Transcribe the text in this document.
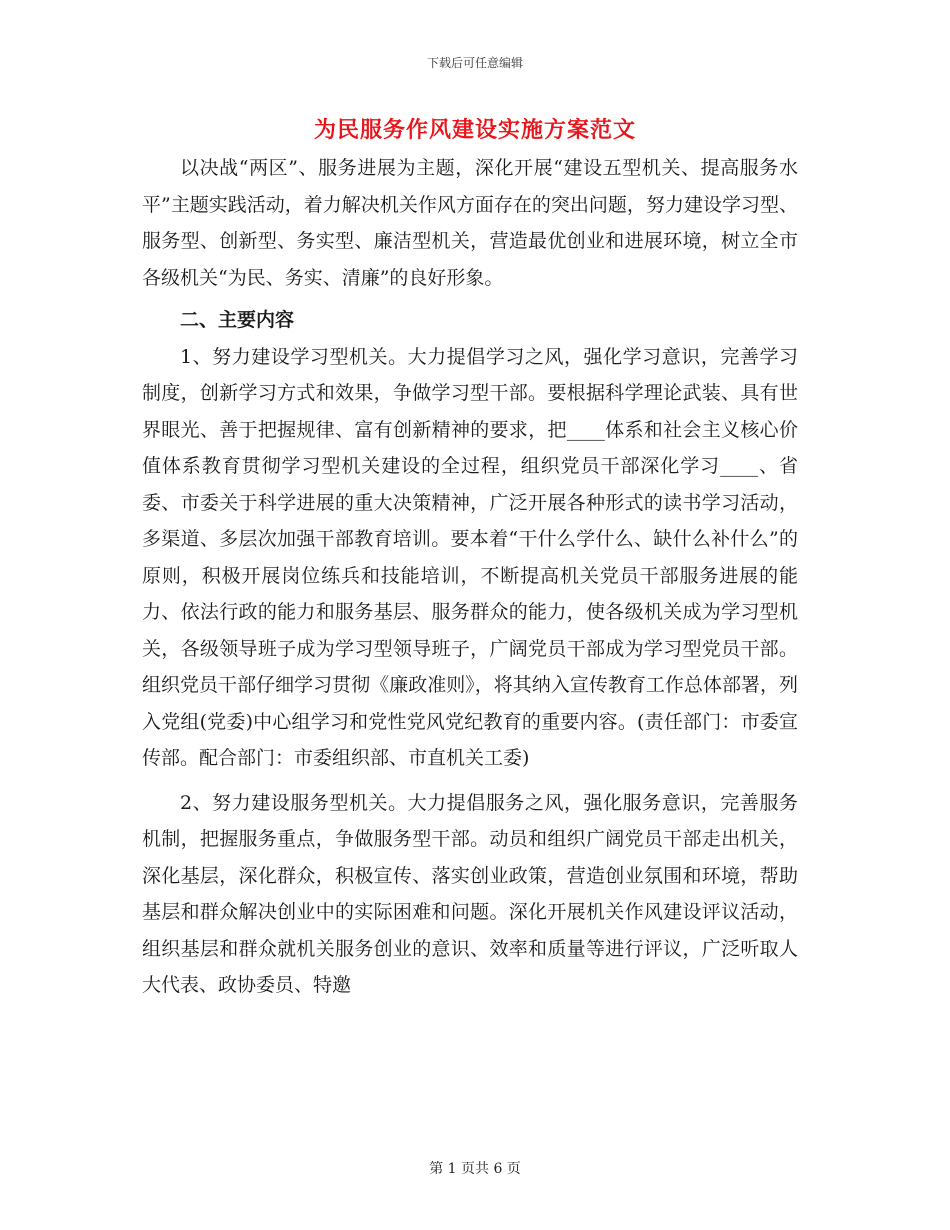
下载后可任意编辑
为民服务作风建设实施方案范文

以决战“两区”、服务进展为主题，深化开展“建设五型机关、提高服务水平”主题实践活动，着力解决机关作风方面存在的突出问题，努力建设学习型、服务型、创新型、务实型、廉洁型机关，营造最优创业和进展环境，树立全市各级机关“为民、务实、清廉”的良好形象。

二、主要内容

1、努力建设学习型机关。大力提倡学习之风，强化学习意识，完善学习制度，创新学习方式和效果，争做学习型干部。要根据科学理论武装、具有世界眼光、善于把握规律、富有创新精神的要求，把____体系和社会主义核心价值体系教育贯彻学习型机关建设的全过程，组织党员干部深化学习____、省委、市委关于科学进展的重大决策精神，广泛开展各种形式的读书学习活动，多渠道、多层次加强干部教育培训。要本着“干什么学什么、缺什么补什么”的原则，积极开展岗位练兵和技能培训，不断提高机关党员干部服务进展的能力、依法行政的能力和服务基层、服务群众的能力，使各级机关成为学习型机关，各级领导班子成为学习型领导班子，广阔党员干部成为学习型党员干部。组织党员干部仔细学习贯彻《廉政准则》，将其纳入宣传教育工作总体部署，列入党组(党委)中心组学习和党性党风党纪教育的重要内容。(责任部门：市委宣传部。配合部门：市委组织部、市直机关工委)

2、努力建设服务型机关。大力提倡服务之风，强化服务意识，完善服务机制，把握服务重点，争做服务型干部。动员和组织广阔党员干部走出机关，深化基层，深化群众，积极宣传、落实创业政策，营造创业氛围和环境，帮助基层和群众解决创业中的实际困难和问题。深化开展机关作风建设评议活动，组织基层和群众就机关服务创业的意识、效率和质量等进行评议，广泛听取人大代表、政协委员、特邀

第 1 页共 6 页
